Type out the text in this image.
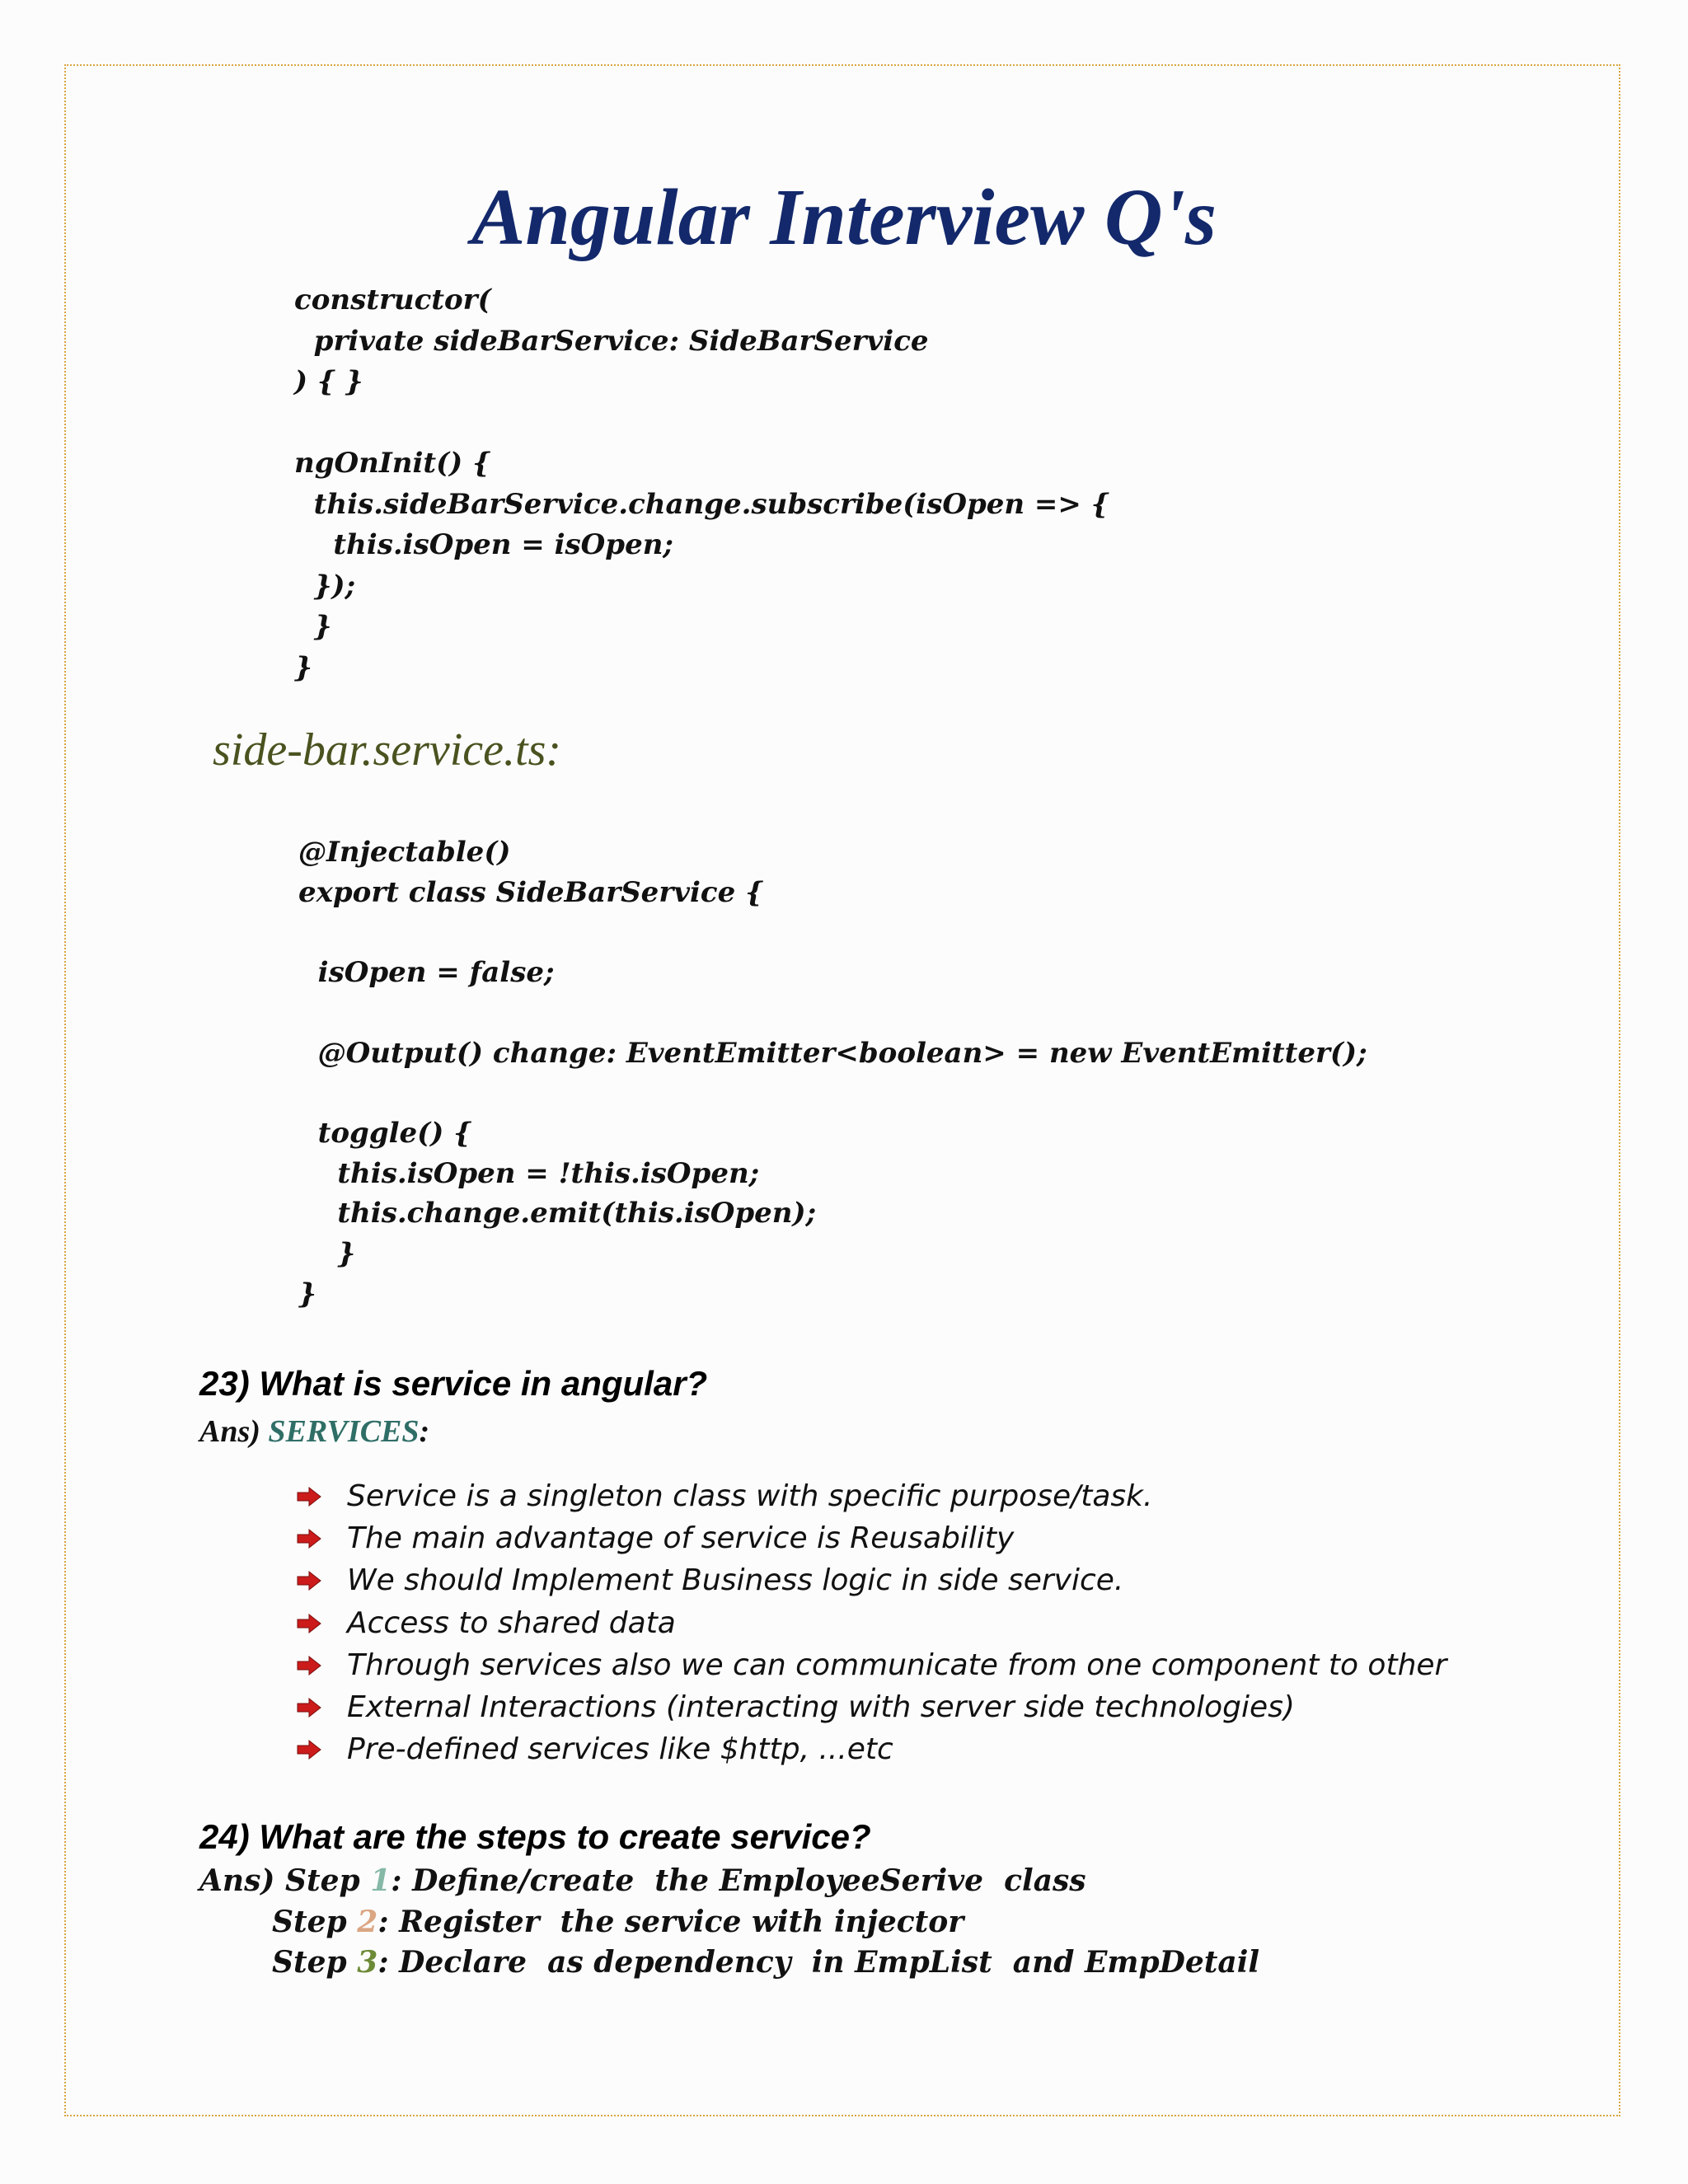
Angular Interview Q's
constructor(
private sideBarService: SideBarService
) { }

ngOnInit() {
this.sideBarService.change.subscribe(isOpen => {
this.isOpen = isOpen;
});
}
}
side-bar.service.ts:
@Injectable()
export class SideBarService {

isOpen = false;

@Output() change: EventEmitter<boolean> = new EventEmitter();

toggle() {
this.isOpen = !this.isOpen;
this.change.emit(this.isOpen);
}
}
23) What is service in angular?
Ans) SERVICES:
Service is a singleton class with specific purpose/task.
The main advantage of service is Reusability
We should Implement Business logic in side service.
Access to shared data
Through services also we can communicate from one component to other
External Interactions (interacting with server side technologies)
Pre-defined services like $http, ...etc
24) What are the steps to create service?
Ans) Step 1: Define/create  the EmployeeSerive  class
Step 2: Register  the service with injector
Step 3: Declare  as dependency  in EmpList  and EmpDetail
